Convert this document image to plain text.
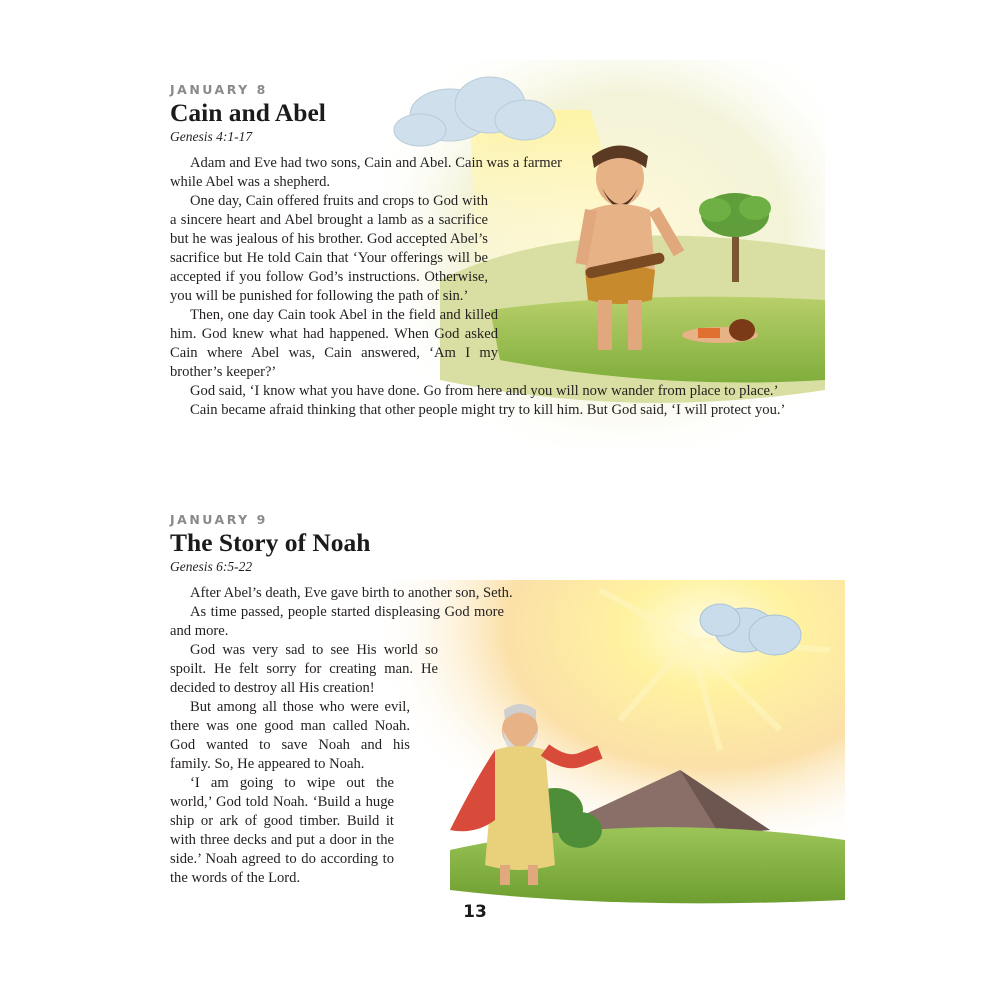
JANUARY 8
Cain and Abel
Genesis 4:1-17

Adam and Eve had two sons, Cain and Abel. Cain was a farmer while Abel was a shepherd.

One day, Cain offered fruits and crops to God with a sincere heart and Abel brought a lamb as a sacrifice but he was jealous of his brother. God accepted Abel’s sacrifice but He told Cain that ‘Your offerings will be accepted if you follow God’s instructions. Otherwise, you will be punished for following the path of sin.’

Then, one day Cain took Abel in the field and killed him. God knew what had happened. When God asked Cain where Abel was, Cain answered, ‘Am I my brother’s keeper?’

God said, ‘I know what you have done. Go from here and you will now wander from place to place.’

Cain became afraid thinking that other people might try to kill him. But God said, ‘I will protect you.’

JANUARY 9
The Story of Noah
Genesis 6:5-22

After Abel’s death, Eve gave birth to another son, Seth.

As time passed, people started displeasing God more and more.

God was very sad to see His world so spoilt. He felt sorry for creating man. He decided to destroy all His creation!

But among all those who were evil, there was one good man called Noah. God wanted to save Noah and his family. So, He appeared to Noah.

‘I am going to wipe out the world,’ God told Noah. ‘Build a huge ship or ark of good timber. Build it with three decks and put a door in the side.’ Noah agreed to do according to the words of the Lord.

13
